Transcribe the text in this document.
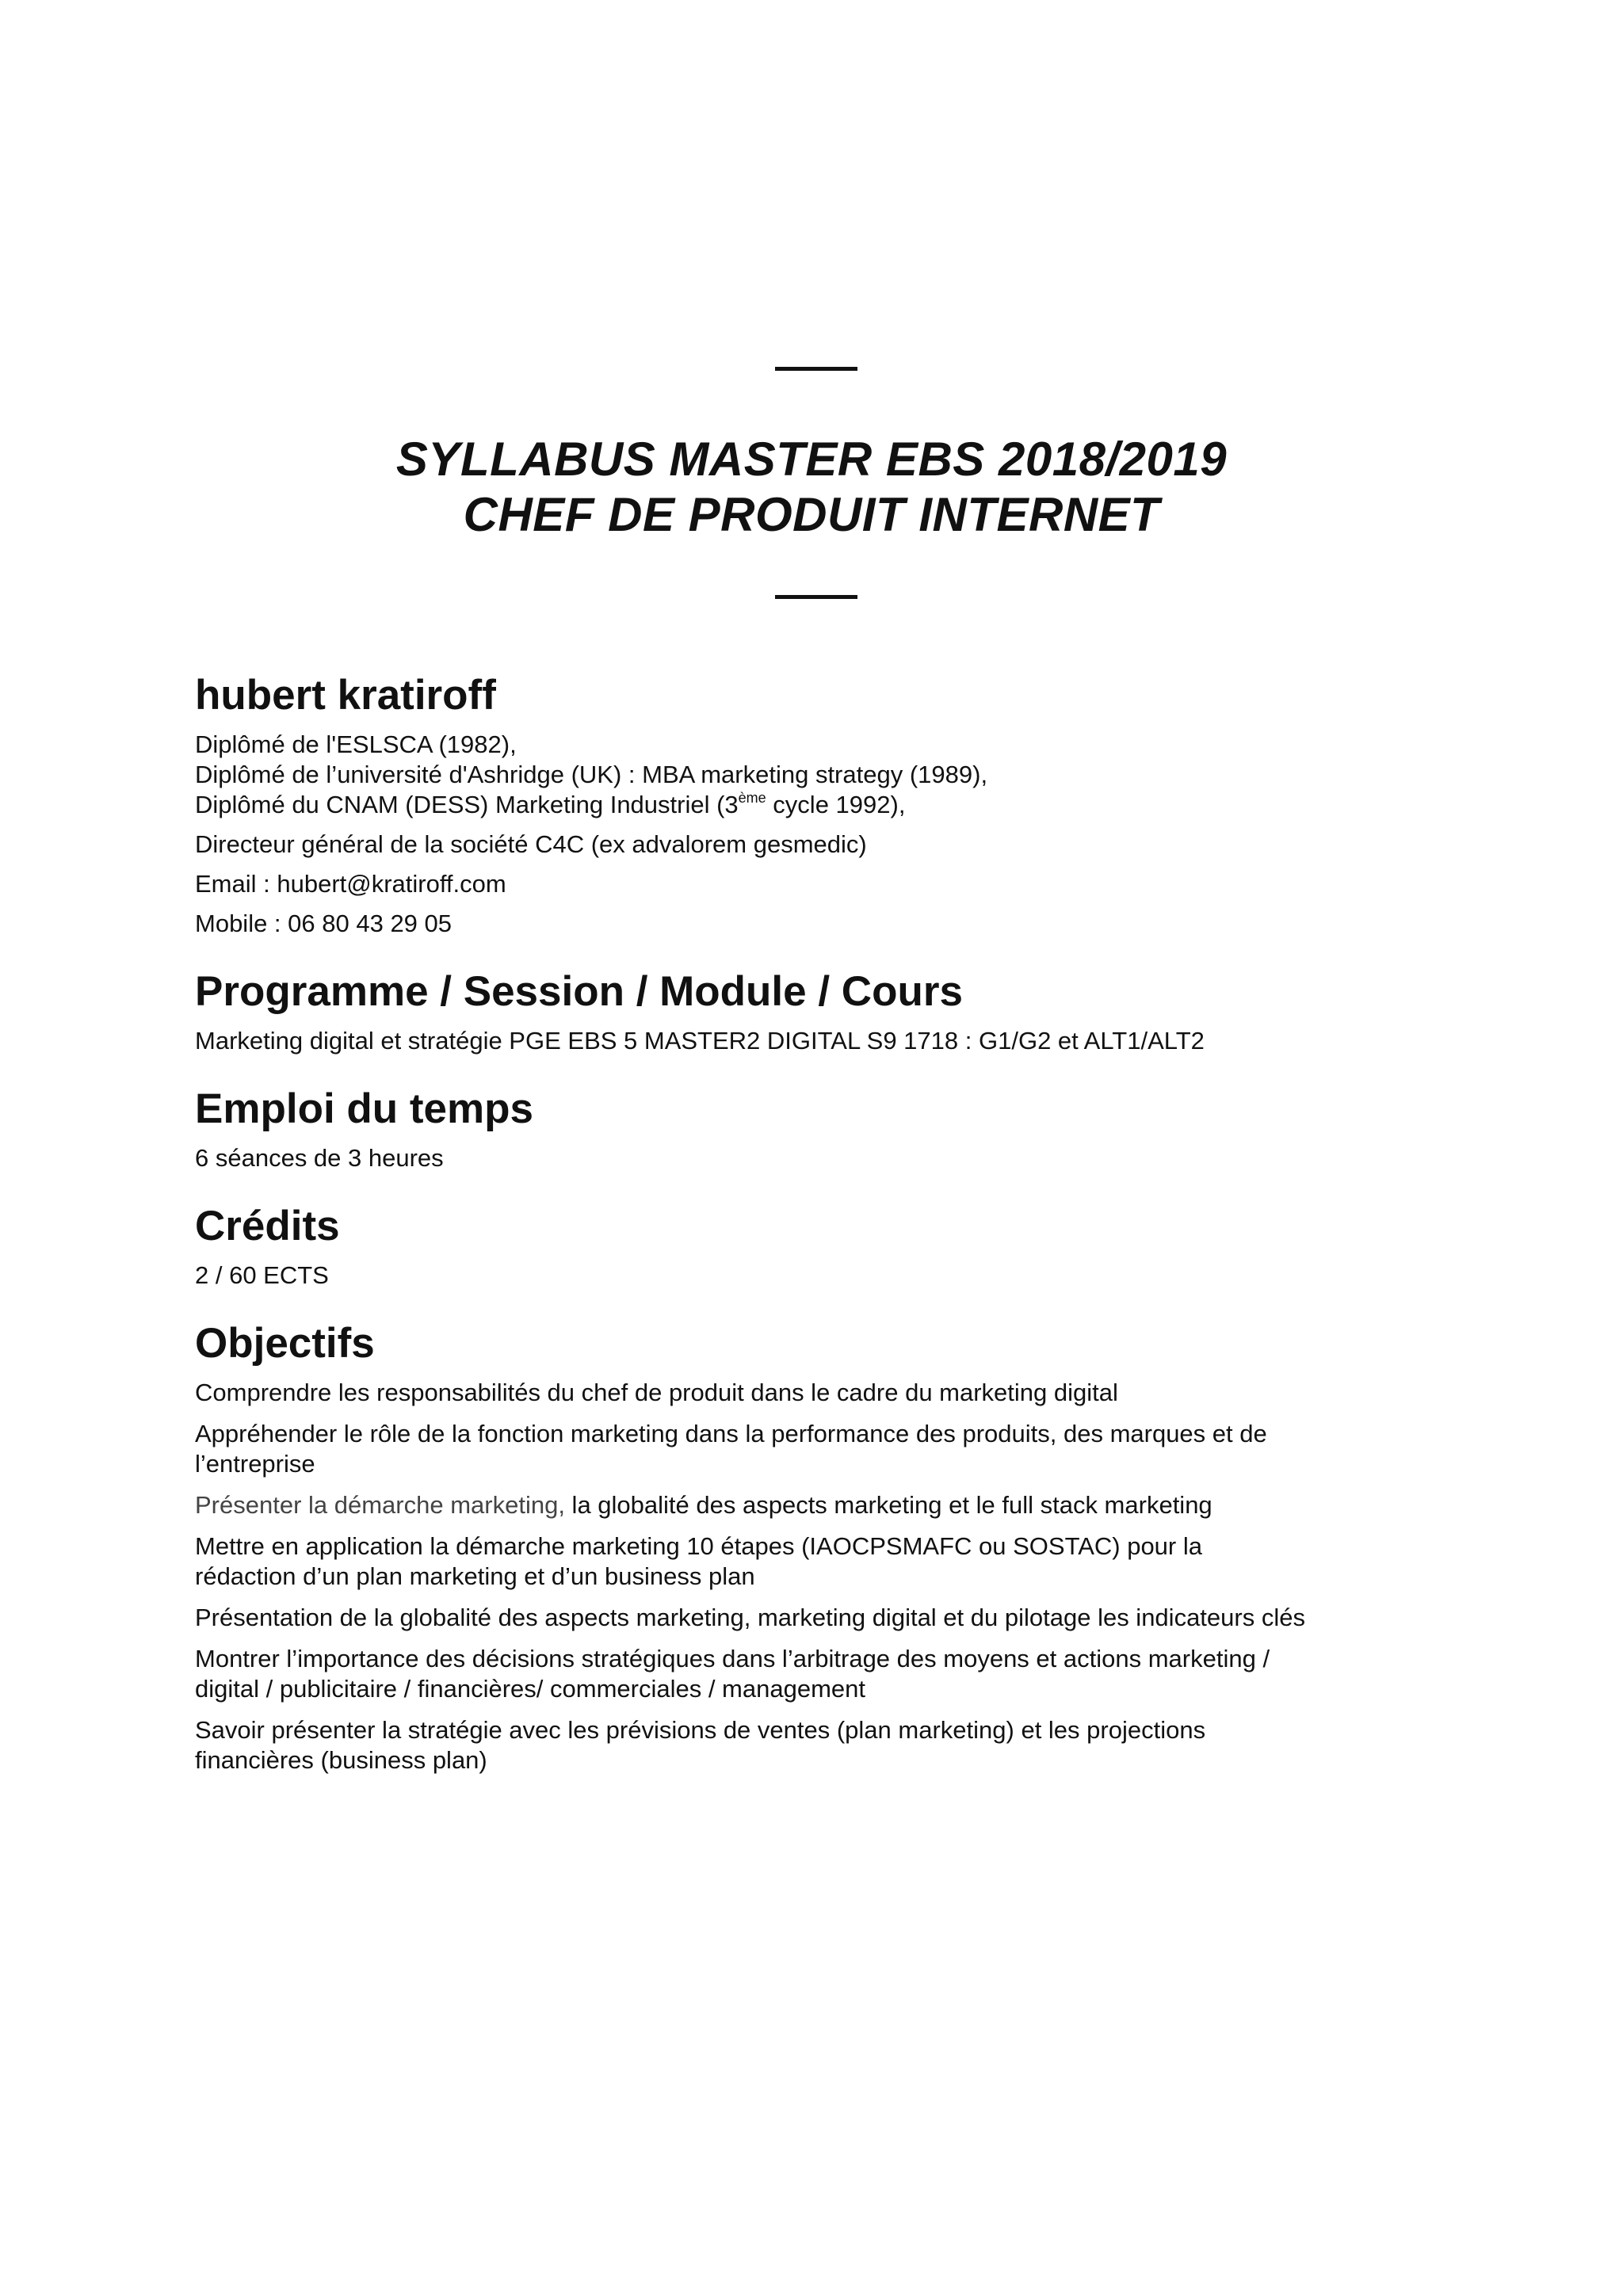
SYLLABUS MASTER EBS 2018/2019
CHEF DE PRODUIT INTERNET
hubert kratiroff

Diplômé de l'ESLSCA (1982),

Diplômé de l’université d'Ashridge (UK) : MBA marketing strategy (1989),

Diplômé du CNAM (DESS) Marketing Industriel (3ème cycle 1992),

Directeur général de la société C4C (ex advalorem gesmedic)

Email : hubert@kratiroff.com

Mobile : 06 80 43 29 05

Programme / Session / Module / Cours

Marketing digital et stratégie PGE EBS 5 MASTER2 DIGITAL S9 1718 : G1/G2 et ALT1/ALT2

Emploi du temps

6 séances de 3 heures

Crédits

2 / 60 ECTS

Objectifs

Comprendre les responsabilités du chef de produit dans le cadre du marketing digital

Appréhender le rôle de la fonction marketing dans la performance des produits, des marques et de

l’entreprise

Présenter la démarche marketing, la globalité des aspects marketing et le full stack marketing

Mettre en application la démarche marketing 10 étapes (IAOCPSMAFC ou SOSTAC) pour la

rédaction d’un plan marketing et d’un business plan

Présentation de la globalité des aspects marketing, marketing digital et du pilotage les indicateurs clés

Montrer l’importance des décisions stratégiques dans l’arbitrage des moyens et actions marketing /

digital / publicitaire / financières/ commerciales / management

Savoir présenter la stratégie avec les prévisions de ventes (plan marketing) et les projections

financières (business plan)
